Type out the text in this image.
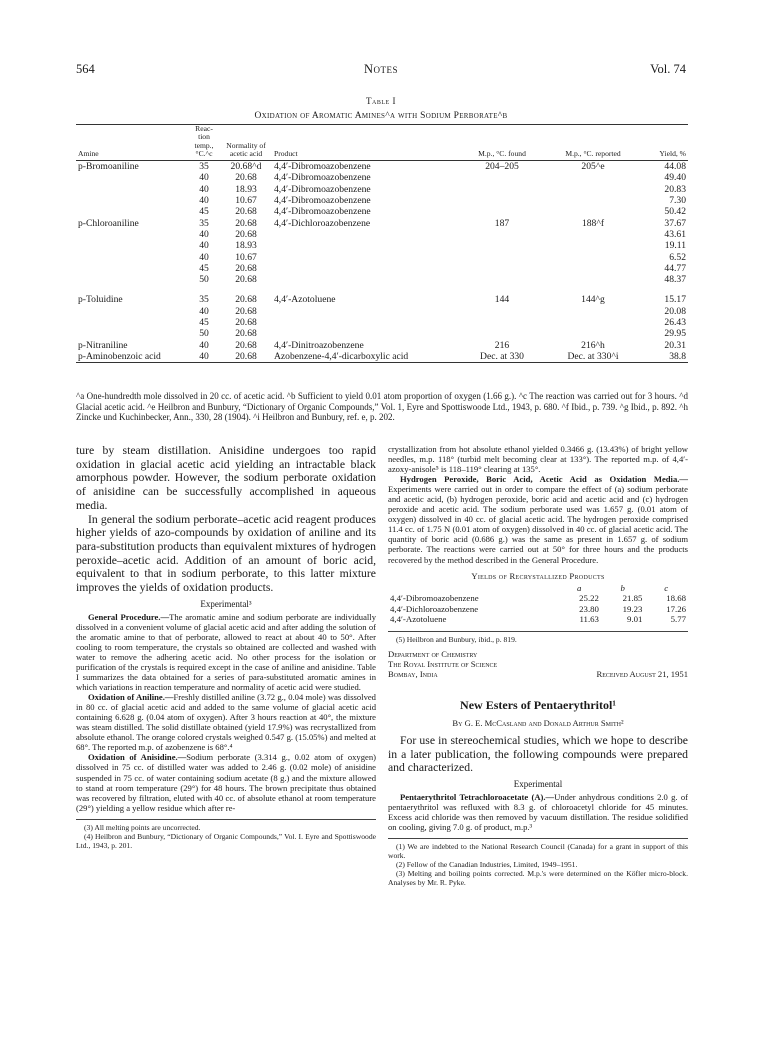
564	Notes	Vol. 74
Table I
Oxidation of Aromatic Amines^a with Sodium Perborate^b
Amine	Reac-tion temp., °C.^c	Normality of acetic acid	Product	M.p., °C. found	M.p., °C. reported	Yield, %
p-Bromoaniline	35	20.68^d	4,4′-Dibromoazobenzene	204–205	205^e	44.08
	40	20.68	4,4′-Dibromoazobenzene			49.40
	40	18.93	4,4′-Dibromoazobenzene			20.83
	40	10.67	4,4′-Dibromoazobenzene			7.30
	45	20.68	4,4′-Dibromoazobenzene			50.42
p-Chloroaniline	35	20.68	4,4′-Dichloroazobenzene	187	188^f	37.67
	40	20.68				43.61
	40	18.93				19.11
	40	10.67				6.52
	45	20.68				44.77
	50	20.68				48.37

p-Toluidine	35	20.68	4,4′-Azotoluene	144	144^g	15.17
	40	20.68				20.08
	45	20.68				26.43
	50	20.68				29.95
p-Nitraniline	40	20.68	4,4′-Dinitroazobenzene	216	216^h	20.31
p-Aminobenzoic acid	40	20.68	Azobenzene-4,4′-dicarboxylic acid	Dec. at 330	Dec. at 330^i	38.8

^a One-hundredth mole dissolved in 20 cc. of acetic acid. ^b Sufficient to yield 0.01 atom proportion of oxygen (1.66 g.). ^c The reaction was carried out for 3 hours. ^d Glacial acetic acid. ^e Heilbron and Bunbury, “Dictionary of Organic Compounds,” Vol. 1, Eyre and Spottiswoode Ltd., 1943, p. 680. ^f Ibid., p. 739. ^g Ibid., p. 892. ^h Zincke und Kuchinbecker, Ann., 330, 28 (1904). ^i Heilbron and Bunbury, ref. e, p. 202.

ture by steam distillation. Anisidine undergoes too rapid oxidation in glacial acetic acid yielding an intractable black amorphous powder. However, the sodium perborate oxidation of anisidine can be successfully accomplished in aqueous media.

In general the sodium perborate–acetic acid reagent produces higher yields of azo-compounds by oxidation of aniline and its para-substitution products than equivalent mixtures of hydrogen peroxide–acetic acid. Addition of an amount of boric acid, equivalent to that in sodium perborate, to this latter mixture improves the yields of oxidation products.

Experimental³

General Procedure.—The aromatic amine and sodium perborate are individually dissolved in a convenient volume of glacial acetic acid and after adding the solution of the aromatic amine to that of perborate, allowed to react at about 40 to 50°. After cooling to room temperature, the crystals so obtained are collected and washed with water to remove the adhering acetic acid. No other process for the isolation or purification of the crystals is required except in the case of aniline and anisidine. Table I summarizes the data obtained for a series of para-substituted aromatic amines in which variations in reaction temperature and normality of acetic acid were studied.

Oxidation of Aniline.—Freshly distilled aniline (3.72 g., 0.04 mole) was dissolved in 80 cc. of glacial acetic acid and added to the same volume of glacial acetic acid containing 6.628 g. (0.04 atom of oxygen). After 3 hours reaction at 40°, the mixture was steam distilled. The solid distillate obtained (yield 17.9%) was recrystallized from absolute ethanol. The orange colored crystals weighed 0.547 g. (15.05%) and melted at 68°. The reported m.p. of azobenzene is 68°.⁴

Oxidation of Anisidine.—Sodium perborate (3.314 g., 0.02 atom of oxygen) dissolved in 75 cc. of distilled water was added to 2.46 g. (0.02 mole) of anisidine suspended in 75 cc. of water containing sodium acetate (8 g.) and the mixture allowed to stand at room temperature (29°) for 48 hours. The brown precipitate thus obtained was recovered by filtration, eluted with 40 cc. of absolute ethanol at room temperature (29°) yielding a yellow residue which after re-

(3) All melting points are uncorrected.

(4) Heilbron and Bunbury, “Dictionary of Organic Compounds,” Vol. I. Eyre and Spottiswoode Ltd., 1943, p. 201.

crystallization from hot absolute ethanol yielded 0.3466 g. (13.43%) of bright yellow needles, m.p. 118° (turbid melt becoming clear at 133°). The reported m.p. of 4,4′-azoxy-anisole⁵ is 118–119° clearing at 135°.

Hydrogen Peroxide, Boric Acid, Acetic Acid as Oxidation Media.—Experiments were carried out in order to compare the effect of (a) sodium perborate and acetic acid, (b) hydrogen peroxide, boric acid and acetic acid and (c) hydrogen peroxide and acetic acid. The sodium perborate used was 1.657 g. (0.01 atom of oxygen) dissolved in 40 cc. of glacial acetic acid. The hydrogen peroxide comprised 11.4 cc. of 1.75 N (0.01 atom of oxygen) dissolved in 40 cc. of glacial acetic acid. The quantity of boric acid (0.686 g.) was the same as present in 1.657 g. of sodium perborate. The reactions were carried out at 50° for three hours and the products recovered by the method described in the General Procedure.

Yields of Recrystallized Products
	a	b	c
4,4′-Dibromoazobenzene	25.22	21.85	18.68
4,4′-Dichloroazobenzene	23.80	19.23	17.26
4,4′-Azotoluene	11.63	9.01	5.77

(5) Heilbron and Bunbury, ibid., p. 819.

Department of Chemistry
The Royal Institute of Science
Bombay, India	Received August 21, 1951
New Esters of Pentaerythritol¹
By G. E. McCasland and Donald Arthur Smith²

For use in stereochemical studies, which we hope to describe in a later publication, the following compounds were prepared and characterized.

Experimental

Pentaerythritol Tetrachloroacetate (A).—Under anhydrous conditions 2.0 g. of pentaerythritol was refluxed with 8.3 g. of chloroacetyl chloride for 45 minutes. Excess acid chloride was then removed by vacuum distillation. The residue solidified on cooling, giving 7.0 g. of product, m.p.³

(1) We are indebted to the National Research Council (Canada) for a grant in support of this work.

(2) Fellow of the Canadian Industries, Limited, 1949–1951.

(3) Melting and boiling points corrected. M.p.'s were determined on the Köfler micro-block. Analyses by Mr. R. Pyke.
